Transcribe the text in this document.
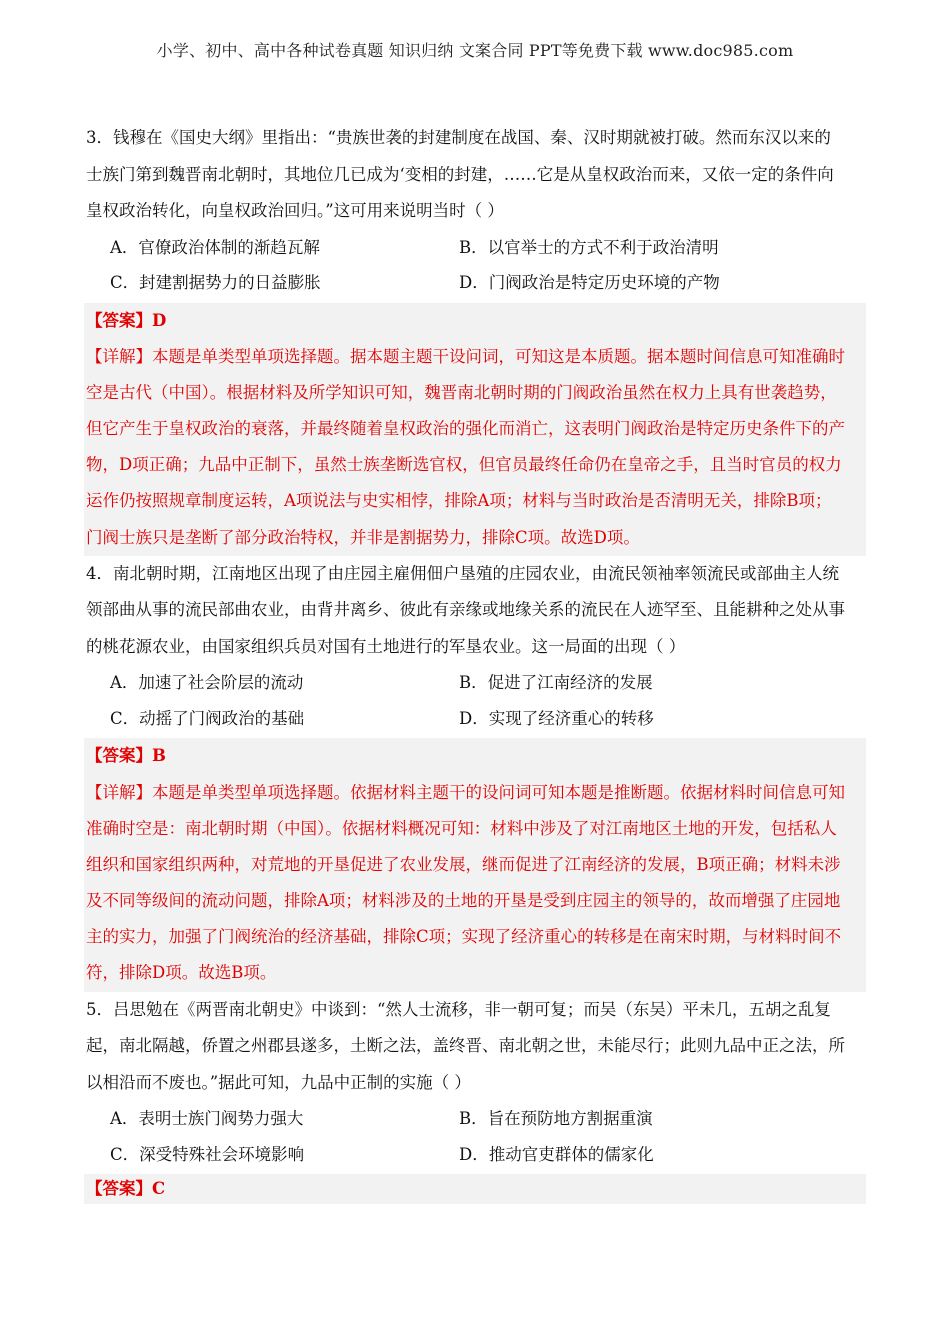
小学、初中、高中各种试卷真题 知识归纳 文案合同 PPT等免费下载 www.doc985.com
3．钱穆在《国史大纲》里指出：“贵族世袭的封建制度在战国、秦、汉时期就被打破。然而东汉以来的
士族门第到魏晋南北朝时，其地位几已成为‘变相的封建，……它是从皇权政治而来，又依一定的条件向
皇权政治转化，向皇权政治回归。”这可用来说明当时（ ）
A．官僚政治体制的渐趋瓦解	B．以官举士的方式不利于政治清明
C．封建割据势力的日益膨胀	D．门阀政治是特定历史环境的产物
【答案】D
【详解】本题是单类型单项选择题。据本题主题干设问词，可知这是本质题。据本题时间信息可知准确时
空是古代（中国）。根据材料及所学知识可知，魏晋南北朝时期的门阀政治虽然在权力上具有世袭趋势，
但它产生于皇权政治的衰落，并最终随着皇权政治的强化而消亡，这表明门阀政治是特定历史条件下的产
物，D项正确；九品中正制下，虽然士族垄断选官权，但官员最终任命仍在皇帝之手，且当时官员的权力
运作仍按照规章制度运转，A项说法与史实相悖，排除A项；材料与当时政治是否清明无关，排除B项；
门阀士族只是垄断了部分政治特权，并非是割据势力，排除C项。故选D项。
4．南北朝时期，江南地区出现了由庄园主雇佣佃户垦殖的庄园农业，由流民领袖率领流民或部曲主人统
领部曲从事的流民部曲农业，由背井离乡、彼此有亲缘或地缘关系的流民在人迹罕至、且能耕种之处从事
的桃花源农业，由国家组织兵员对国有土地进行的军垦农业。这一局面的出现（ ）
A．加速了社会阶层的流动	B．促进了江南经济的发展
C．动摇了门阀政治的基础	D．实现了经济重心的转移
【答案】B
【详解】本题是单类型单项选择题。依据材料主题干的设问词可知本题是推断题。依据材料时间信息可知
准确时空是：南北朝时期（中国）。依据材料概况可知：材料中涉及了对江南地区土地的开发，包括私人
组织和国家组织两种，对荒地的开垦促进了农业发展，继而促进了江南经济的发展，B项正确；材料未涉
及不同等级间的流动问题，排除A项；材料涉及的土地的开垦是受到庄园主的领导的，故而增强了庄园地
主的实力，加强了门阀统治的经济基础，排除C项；实现了经济重心的转移是在南宋时期，与材料时间不
符，排除D项。故选B项。
5．吕思勉在《两晋南北朝史》中谈到：“然人士流移，非一朝可复；而吴（东吴）平未几，五胡之乱复
起，南北隔越，侨置之州郡县遂多，土断之法，盖终晋、南北朝之世，未能尽行；此则九品中正之法，所
以相沿而不废也。”据此可知，九品中正制的实施（ ）
A．表明士族门阀势力强大	B．旨在预防地方割据重演
C．深受特殊社会环境影响	D．推动官吏群体的儒家化
【答案】C
